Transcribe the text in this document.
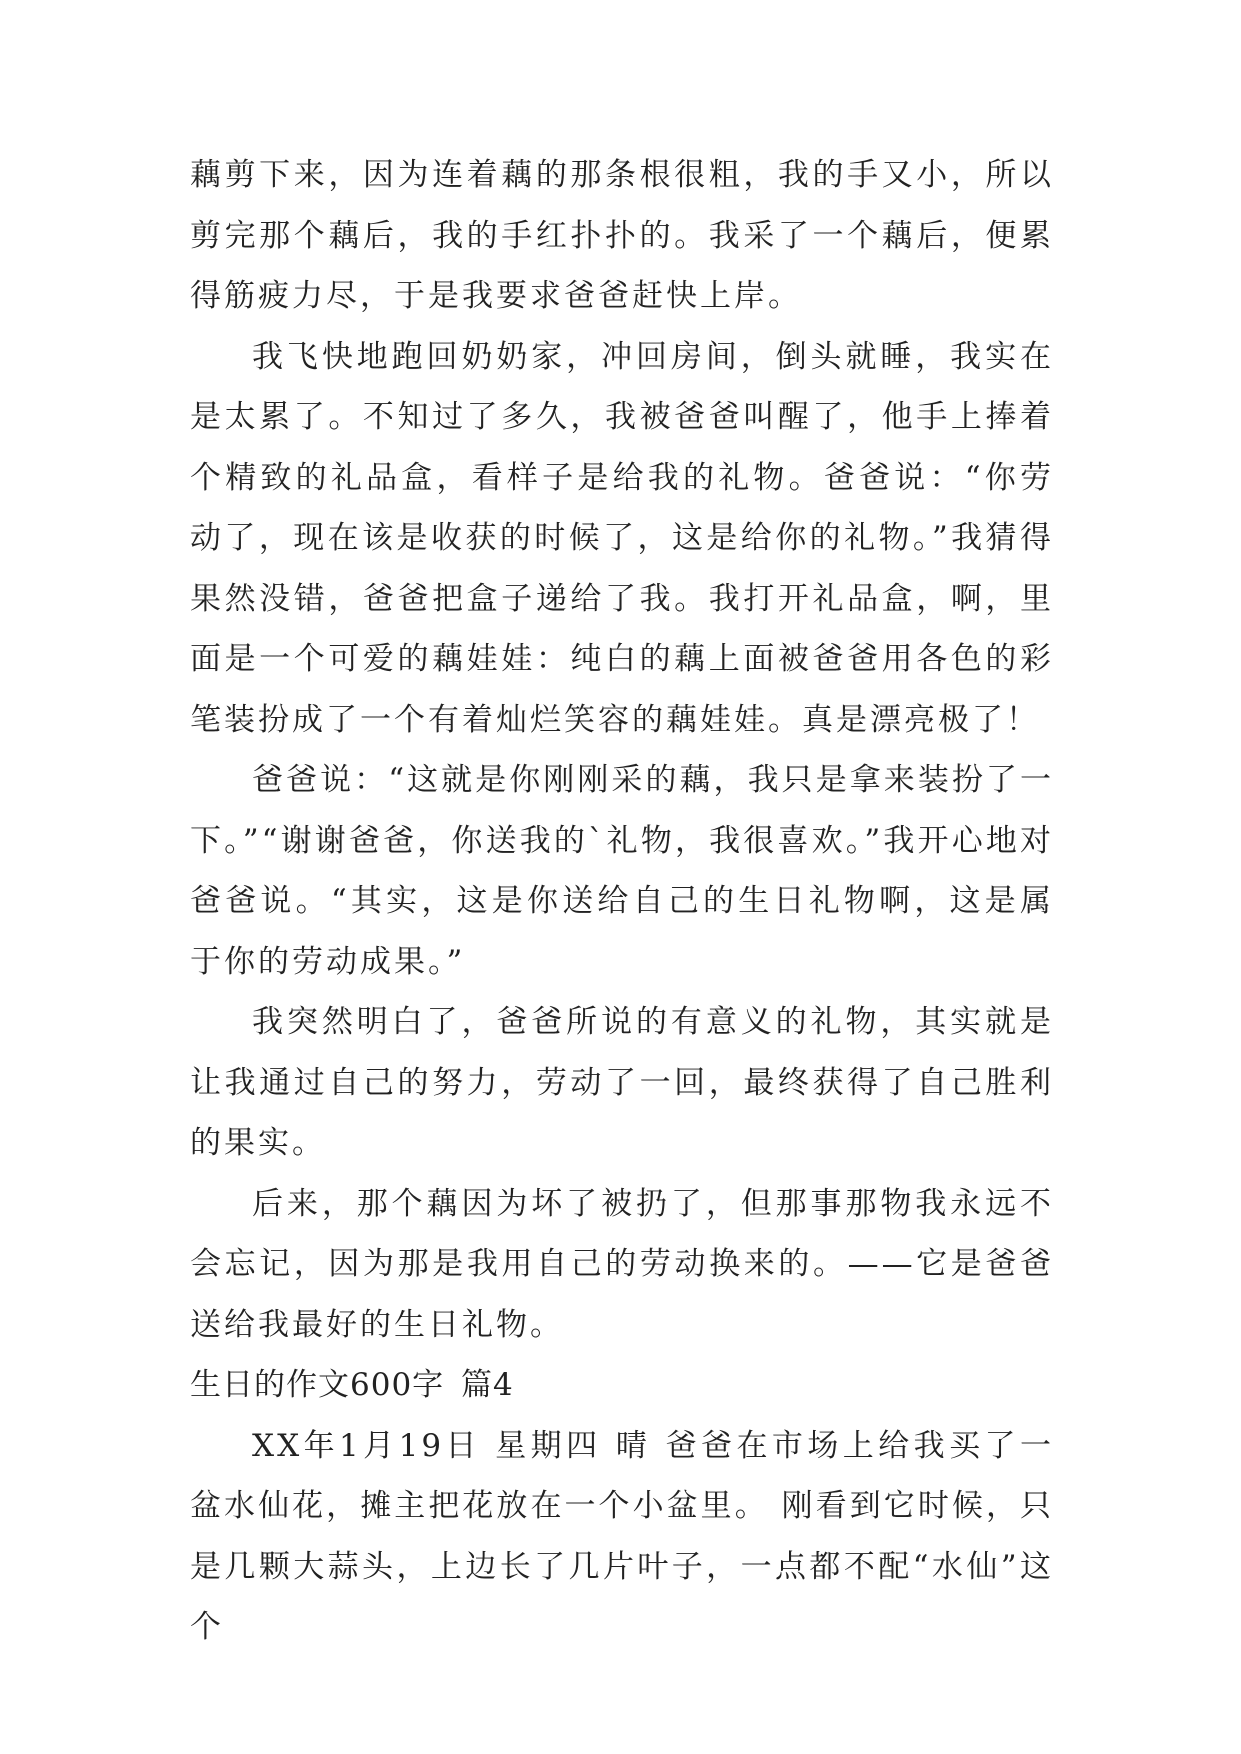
藕剪下来，因为连着藕的那条根很粗，我的手又小，所以剪完那个藕后，我的手红扑扑的。我采了一个藕后，便累得筋疲力尽，于是我要求爸爸赶快上岸。

我飞快地跑回奶奶家，冲回房间，倒头就睡，我实在是太累了。不知过了多久，我被爸爸叫醒了，他手上捧着个精致的礼品盒，看样子是给我的礼物。爸爸说：“你劳动了，现在该是收获的时候了，这是给你的礼物。”我猜得果然没错，爸爸把盒子递给了我。我打开礼品盒，啊，里面是一个可爱的藕娃娃：纯白的藕上面被爸爸用各色的彩笔装扮成了一个有着灿烂笑容的藕娃娃。真是漂亮极了！

爸爸说：“这就是你刚刚采的藕，我只是拿来装扮了一下。”“谢谢爸爸，你送我的`礼物，我很喜欢。”我开心地对爸爸说。“其实，这是你送给自己的生日礼物啊，这是属于你的劳动成果。”

我突然明白了，爸爸所说的有意义的礼物，其实就是让我通过自己的努力，劳动了一回，最终获得了自己胜利的果实。

后来，那个藕因为坏了被扔了，但那事那物我永远不会忘记，因为那是我用自己的劳动换来的。——它是爸爸送给我最好的生日礼物。

生日的作文600字 篇4

XX年1月19日 星期四 晴 爸爸在市场上给我买了一盆水仙花，摊主把花放在一个小盆里。 刚看到它时候，只是几颗大蒜头，上边长了几片叶子，一点都不配“水仙”这个
